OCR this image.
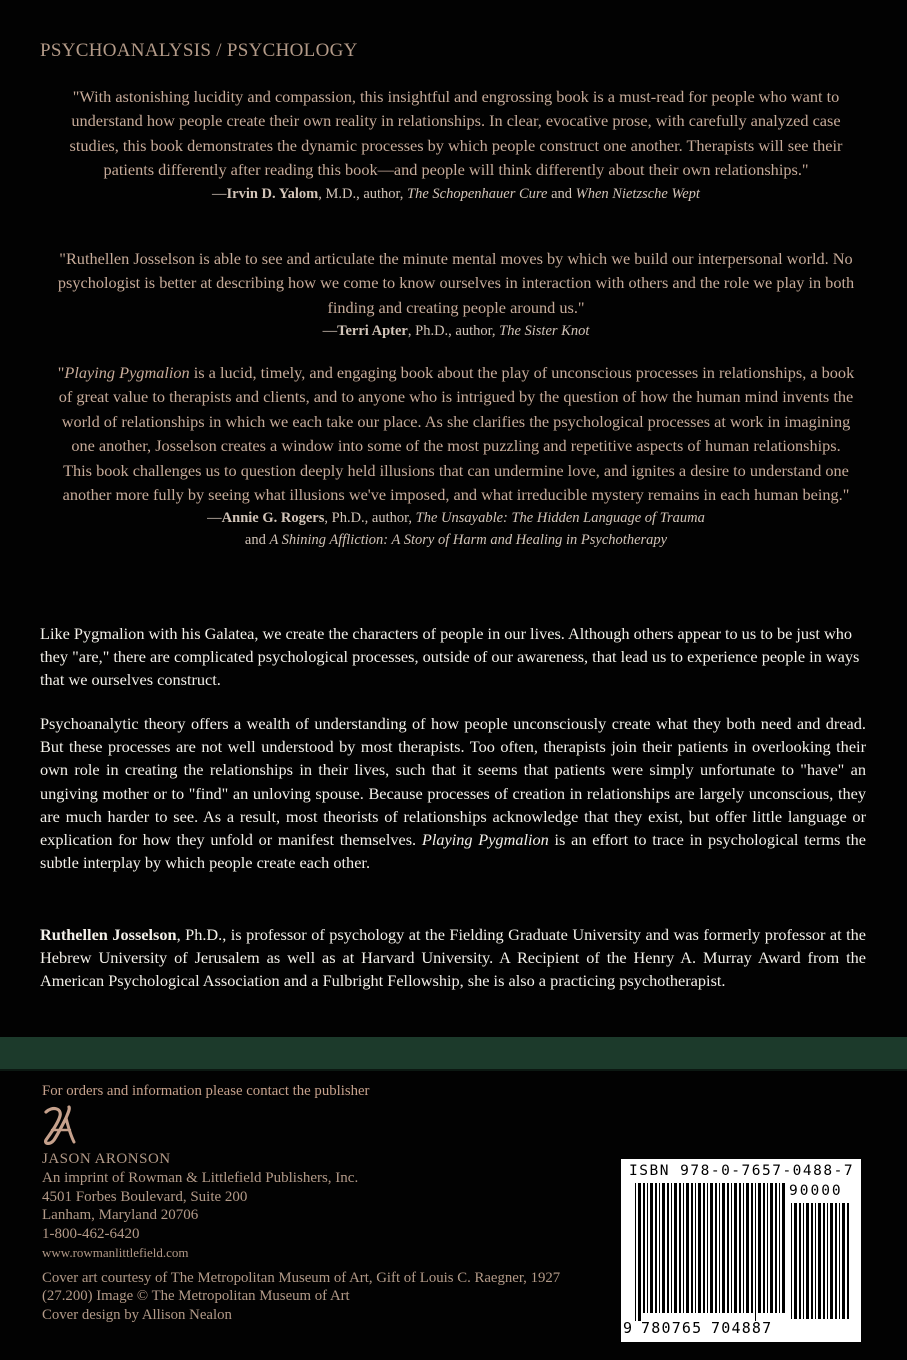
PSYCHOANALYSIS / PSYCHOLOGY
"With astonishing lucidity and compassion, this insightful and engrossing book is a must-read for people who want to understand how people create their own reality in relationships. In clear, evocative prose, with carefully analyzed case studies, this book demonstrates the dynamic processes by which people construct one another. Therapists will see their patients differently after reading this book—and people will think differently about their own relationships."
—Irvin D. Yalom, M.D., author, The Schopenhauer Cure and When Nietzsche Wept
"Ruthellen Josselson is able to see and articulate the minute mental moves by which we build our interpersonal world. No psychologist is better at describing how we come to know ourselves in interaction with others and the role we play in both finding and creating people around us."
—Terri Apter, Ph.D., author, The Sister Knot
"Playing Pygmalion is a lucid, timely, and engaging book about the play of unconscious processes in relationships, a book of great value to therapists and clients, and to anyone who is intrigued by the question of how the human mind invents the world of relationships in which we each take our place. As she clarifies the psychological processes at work in imagining one another, Josselson creates a window into some of the most puzzling and repetitive aspects of human relationships. This book challenges us to question deeply held illusions that can undermine love, and ignites a desire to understand one another more fully by seeing what illusions we've imposed, and what irreducible mystery remains in each human being."
—Annie G. Rogers, Ph.D., author, The Unsayable: The Hidden Language of Trauma
and A Shining Affliction: A Story of Harm and Healing in Psychotherapy

Like Pygmalion with his Galatea, we create the characters of people in our lives. Although others appear to us to be just who they "are," there are complicated psychological processes, outside of our awareness, that lead us to experience people in ways that we ourselves construct.

Psychoanalytic theory offers a wealth of understanding of how people unconsciously create what they both need and dread. But these processes are not well understood by most therapists. Too often, therapists join their patients in overlooking their own role in creating the relationships in their lives, such that it seems that patients were simply unfortunate to "have" an ungiving mother or to "find" an unloving spouse. Because processes of creation in relationships are largely unconscious, they are much harder to see. As a result, most theorists of relationships acknowledge that they exist, but offer little language or explication for how they unfold or manifest themselves. Playing Pygmalion is an effort to trace in psychological terms the subtle interplay by which people create each other.

Ruthellen Josselson, Ph.D., is professor of psychology at the Fielding Graduate University and was formerly professor at the Hebrew University of Jerusalem as well as at Harvard University. A Recipient of the Henry A. Murray Award from the American Psychological Association and a Fulbright Fellowship, she is also a practicing psychotherapist.

For orders and information please contact the publisher
JASON ARONSON
An imprint of Rowman & Littlefield Publishers, Inc.
4501 Forbes Boulevard, Suite 200
Lanham, Maryland 20706
1-800-462-6420
www.rowmanlittlefield.com
Cover art courtesy of The Metropolitan Museum of Art, Gift of Louis C. Raegner, 1927 (27.200) Image © The Metropolitan Museum of Art
Cover design by Allison Nealon
ISBN 978-0-7657-0488-7
90000
9 780765 704887
